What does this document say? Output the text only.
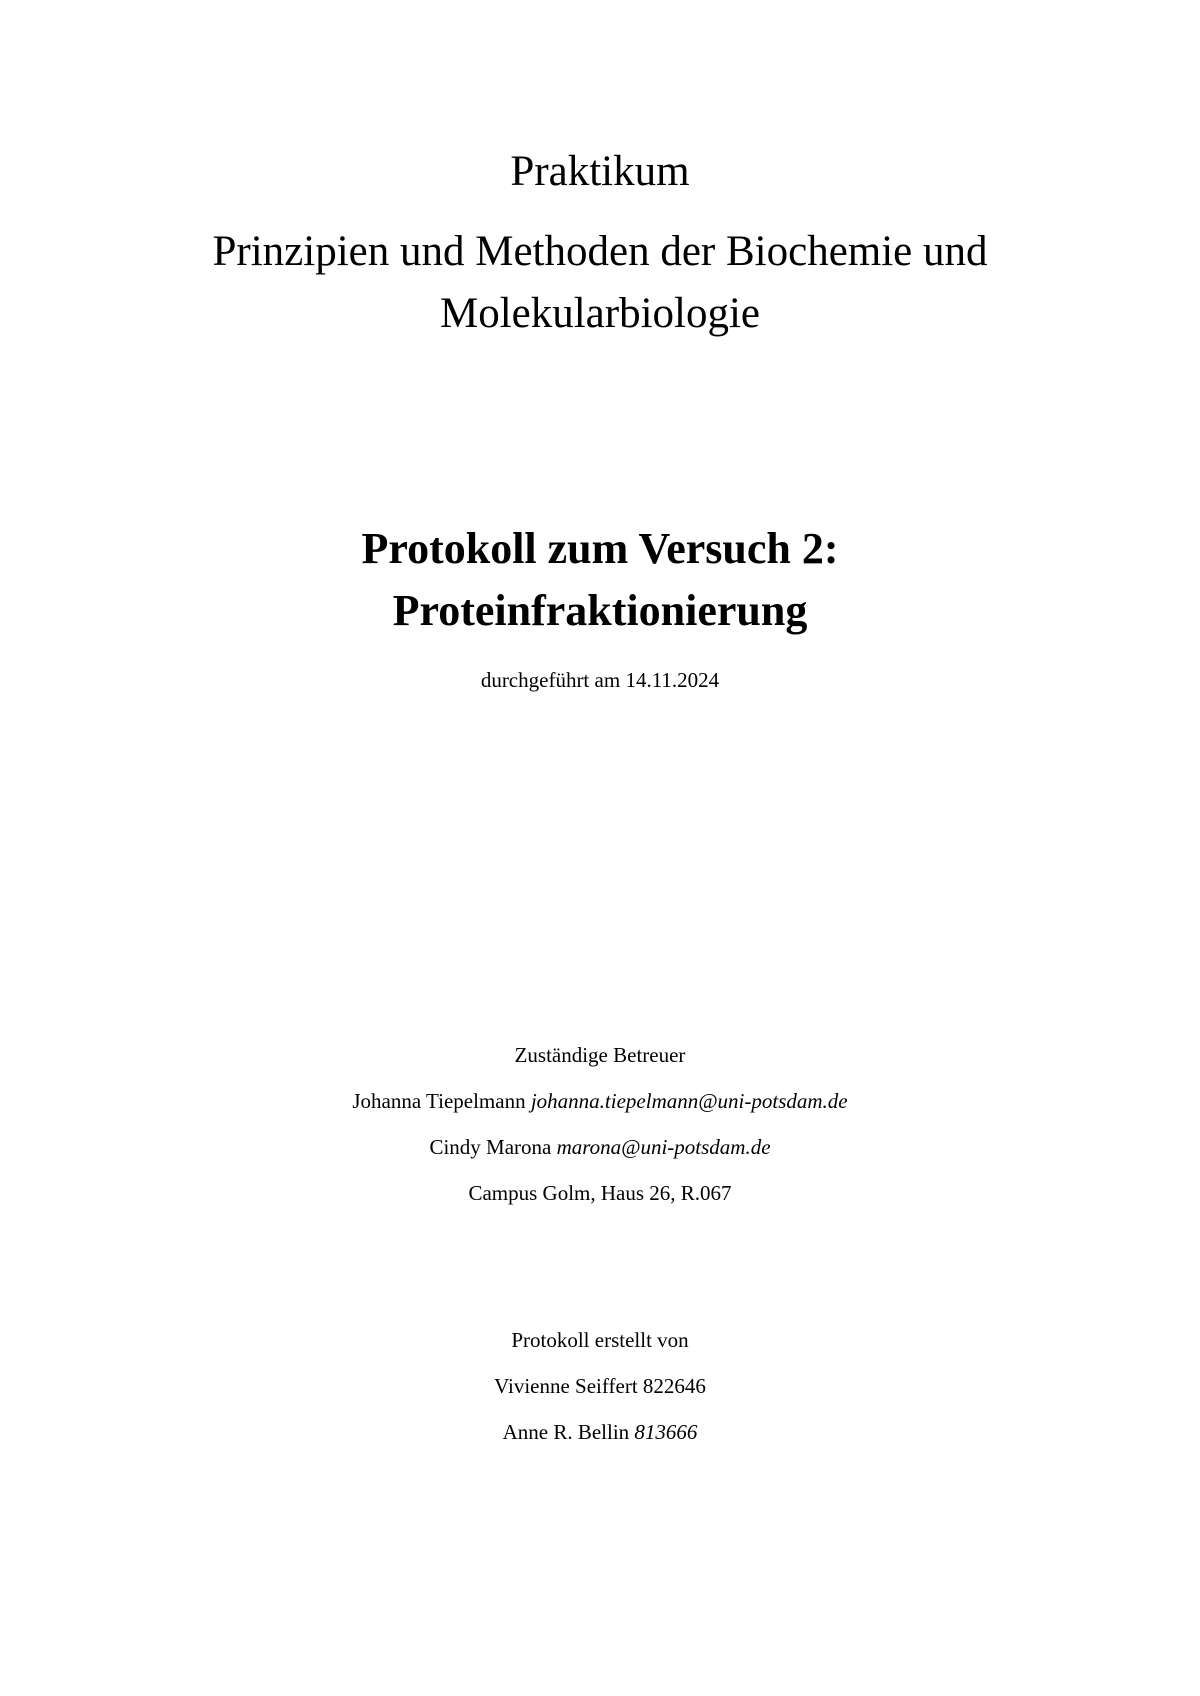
Praktikum
Prinzipien und Methoden der Biochemie und
Molekularbiologie
Protokoll zum Versuch 2:
Proteinfraktionierung
durchgeführt am 14.11.2024
Zuständige Betreuer
Johanna Tiepelmann johanna.tiepelmann@uni-potsdam.de
Cindy Marona marona@uni-potsdam.de
Campus Golm, Haus 26, R.067
Protokoll erstellt von
Vivienne Seiffert 822646
Anne R. Bellin 813666
